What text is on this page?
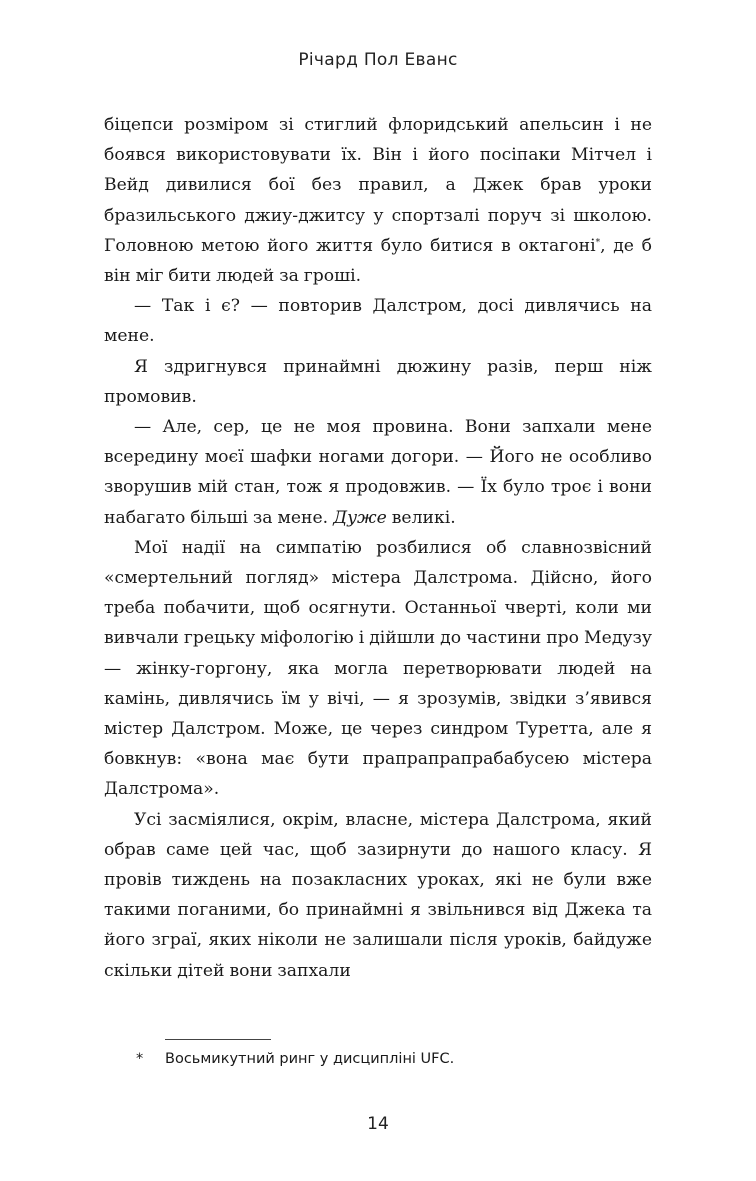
Річард Пол Еванс

біцепси розміром зі стиглий флоридський апельсин і не боявся використовувати їх. Він і його посіпаки Мітчел і Вейд дивилися бої без правил, а Джек брав уроки бразильського джиу-джитсу у спортзалі поруч зі школою. Головною метою його життя було битися в октагоні*, де б він міг бити людей за гроші.

— Так і є? — повторив Далстром, досі дивлячись на мене.

Я здригнувся принаймні дюжину разів, перш ніж промовив.

— Але, сер, це не моя провина. Вони запхали мене всередину моєї шафки ногами догори. — Його не особливо зворушив мій стан, тож я продовжив. — Їх було троє і вони набагато більші за мене. Дуже великі.

Мої надії на симпатію розбилися об славнозвісний «смертельний погляд» містера Далстрома. Дійсно, його треба побачити, щоб осягнути. Останньої чверті, коли ми вивчали грецьку міфологію і дійшли до частини про Медузу — жінку-горгону, яка могла перетворювати людей на камінь, дивлячись їм у вічі, — я зрозумів, звідки з’явився містер Далстром. Може, це через синдром Туретта, але я бовкнув: «вона має бути прапрапрапрабабусею містера Далстрома».

Усі засміялися, окрім, власне, містера Далстрома, який обрав саме цей час, щоб зазирнути до нашого класу. Я провів тиждень на позакласних уроках, які не були вже такими поганими, бо принаймні я звільнився від Джека та його зграї, яких ніколи не залишали після уроків, байдуже скільки дітей вони запхали

* Восьмикутний ринг у дисципліні UFC.
14
